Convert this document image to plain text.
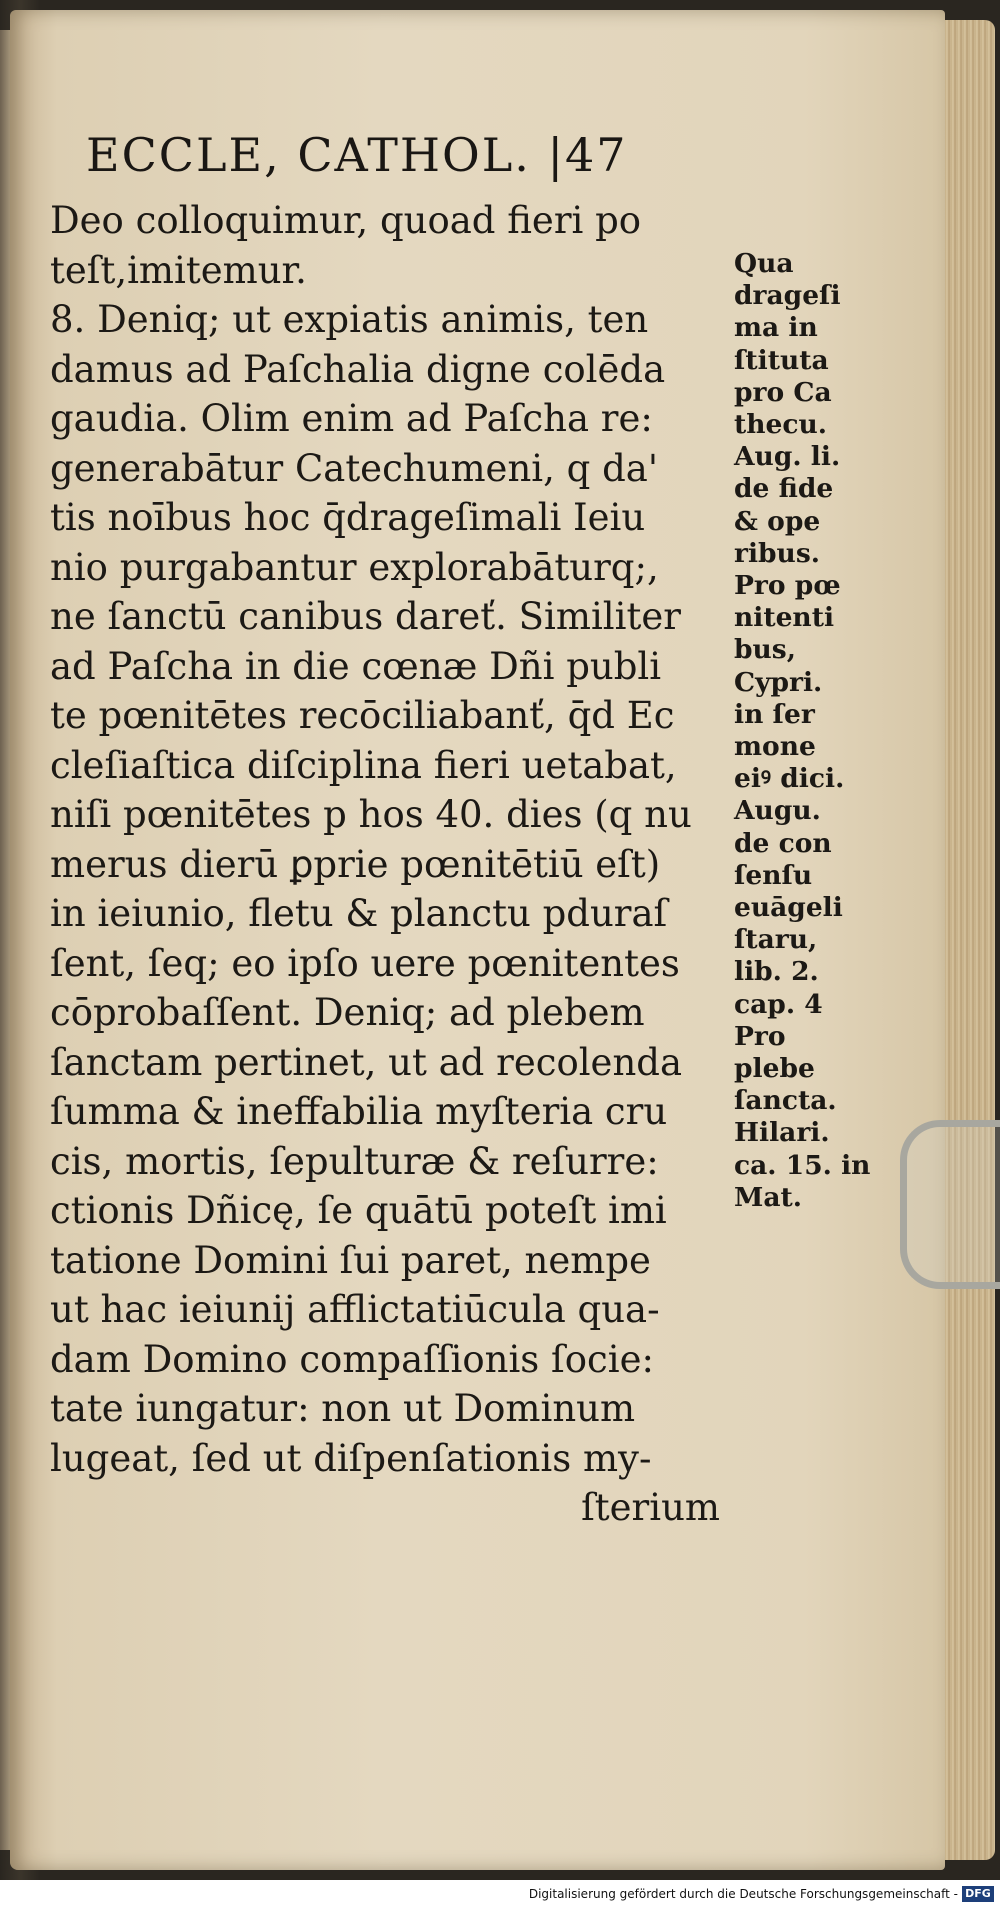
ECCLE, CATHOL. |47
Deo colloquimur, quoad fieri po
teſt,imitemur.
8. Deniq; ut expiatis animis, ten
damus ad Paſchalia digne colēda
gaudia. Olim enim ad Paſcha re:
generabātur Catechumeni, q da'
tis noībus hoc q̄drageſimali Ieiu
nio purgabantur explorabāturq;,
ne ſanctū canibus dareť. Similiter
ad Paſcha in die cœnæ Dñi publi
te pœnitētes recōciliabanť, q̄d Ec
cleſiaſtica diſciplina fieri uetabat,
niſi pœnitētes p hos 40. dies (q nu
merus dierū ꝑprie pœnitētiū eſt)
in ieiunio, fletu & planctu pduraſ
ſent, ſeq; eo ipſo uere pœnitentes
cōprobaſſent. Deniq; ad plebem
ſanctam pertinet, ut ad recolenda
ſumma & ineffabilia myſteria cru
cis, mortis, ſepulturæ & reſurre:
ctionis Dñicę, ſe quātū poteſt imi
tatione Domini ſui paret, nempe
ut hac ieiunij afflictatiūcula qua-
dam Domino compaſſionis ſocie:
tate iungatur: non ut Dominum
lugeat, ſed ut diſpenſationis my-
ſterium
Qua
drageſi
ma in
ſtituta
pro Ca
thecu.
Aug. li.
de fide
& ope
ribus.
Pro pœ
nitenti
bus,
Cypri.
in ſer
mone
eiꝰ dici.
Augu.
de con
ſenſu
euāgeli
ſtaru,
lib. 2.
cap. 4
Pro
plebe
ſancta.
Hilari.
ca. 15. in
Mat.
Digitalisierung gefördert durch die Deutsche Forschungsgemeinschaft - DFG
